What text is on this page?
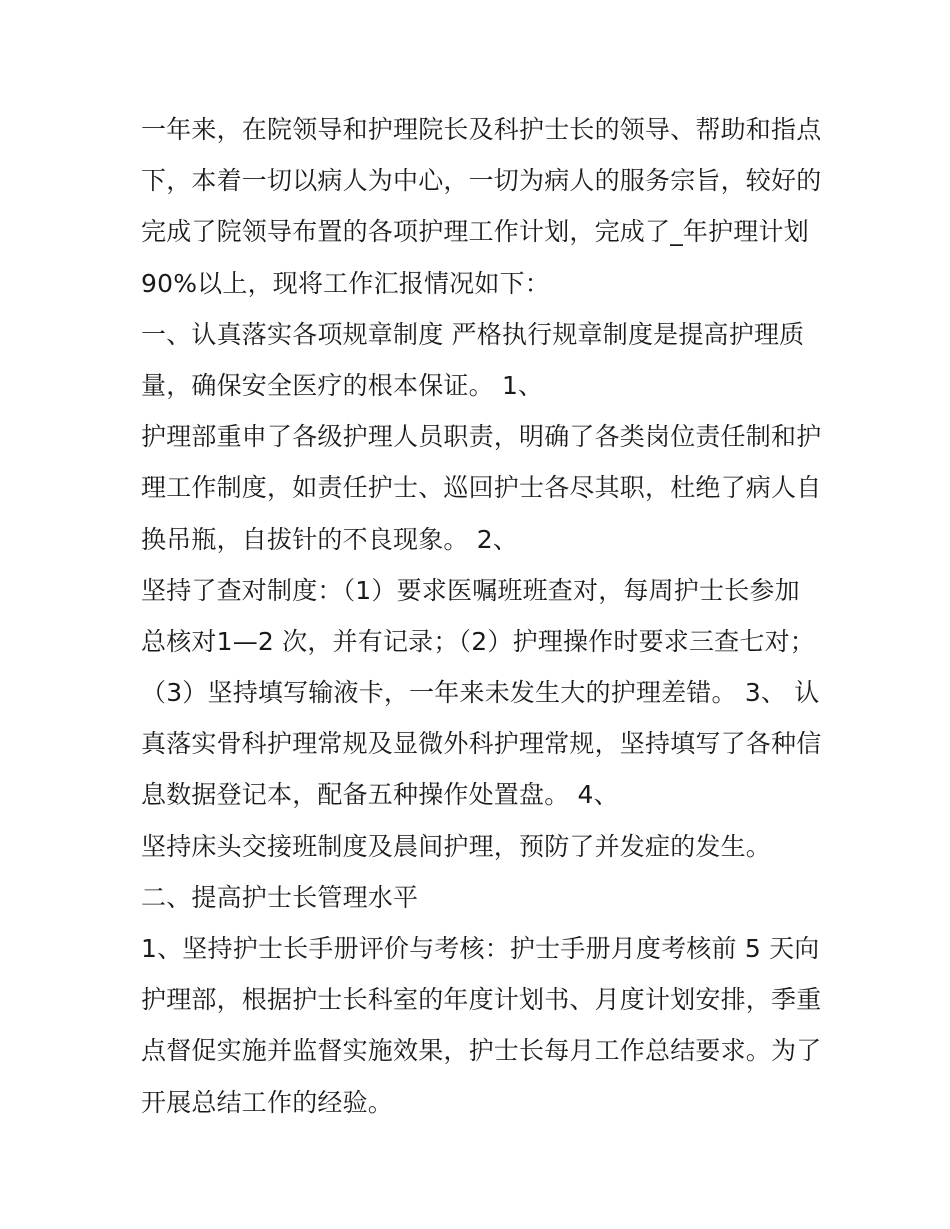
一年来，在院领导和护理院长及科护士长的领导、帮助和指点
下，本着一切以病人为中心，一切为病人的服务宗旨，较好的
完成了院领导布置的各项护理工作计划，完成了_年护理计划
90%以上，现将工作汇报情况如下：
一、认真落实各项规章制度 严格执行规章制度是提高护理质
量，确保安全医疗的根本保证。 1、
护理部重申了各级护理人员职责，明确了各类岗位责任制和护
理工作制度，如责任护士、巡回护士各尽其职，杜绝了病人自
换吊瓶，自拔针的不良现象。 2、
坚持了查对制度：（1）要求医嘱班班查对，每周护士长参加
总核对1—2 次，并有记录；（2）护理操作时要求三查七对；
（3）坚持填写输液卡，一年来未发生大的护理差错。 3、 认
真落实骨科护理常规及显微外科护理常规，坚持填写了各种信
息数据登记本，配备五种操作处置盘。 4、
坚持床头交接班制度及晨间护理，预防了并发症的发生。
二、提高护士长管理水平
1、坚持护士长手册评价与考核：护士手册月度考核前 5 天向
护理部，根据护士长科室的年度计划书、月度计划安排，季重
点督促实施并监督实施效果，护士长每月工作总结要求。为了
开展总结工作的经验。
